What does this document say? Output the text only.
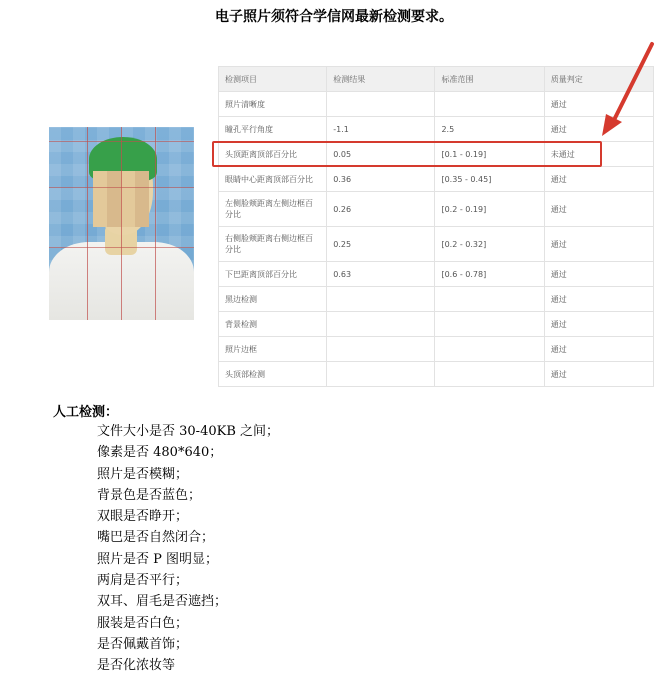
电子照片须符合学信网最新检测要求。
检测项目	检测结果	标准范围	质量判定
照片清晰度			通过
瞳孔平行角度	-1.1	2.5	通过
头顶距离顶部百分比	0.05	[0.1 - 0.19]	未通过
眼睛中心距离顶部百分比	0.36	[0.35 - 0.45]	通过
左侧脸颊距离左侧边框百分比	0.26	[0.2 - 0.19]	通过
右侧脸颊距离右侧边框百分比	0.25	[0.2 - 0.32]	通过
下巴距离顶部百分比	0.63	[0.6 - 0.78]	通过
黑边检测			通过
背景检测			通过
照片边框			通过
头顶部检测			通过
人工检测：
文件大小是否 30-40KB 之间；
像素是否 480*640；
照片是否模糊；
背景色是否蓝色；
双眼是否睁开；
嘴巴是否自然闭合；
照片是否 P 图明显；
两肩是否平行；
双耳、眉毛是否遮挡；
服装是否白色；
是否佩戴首饰；
是否化浓妆等
